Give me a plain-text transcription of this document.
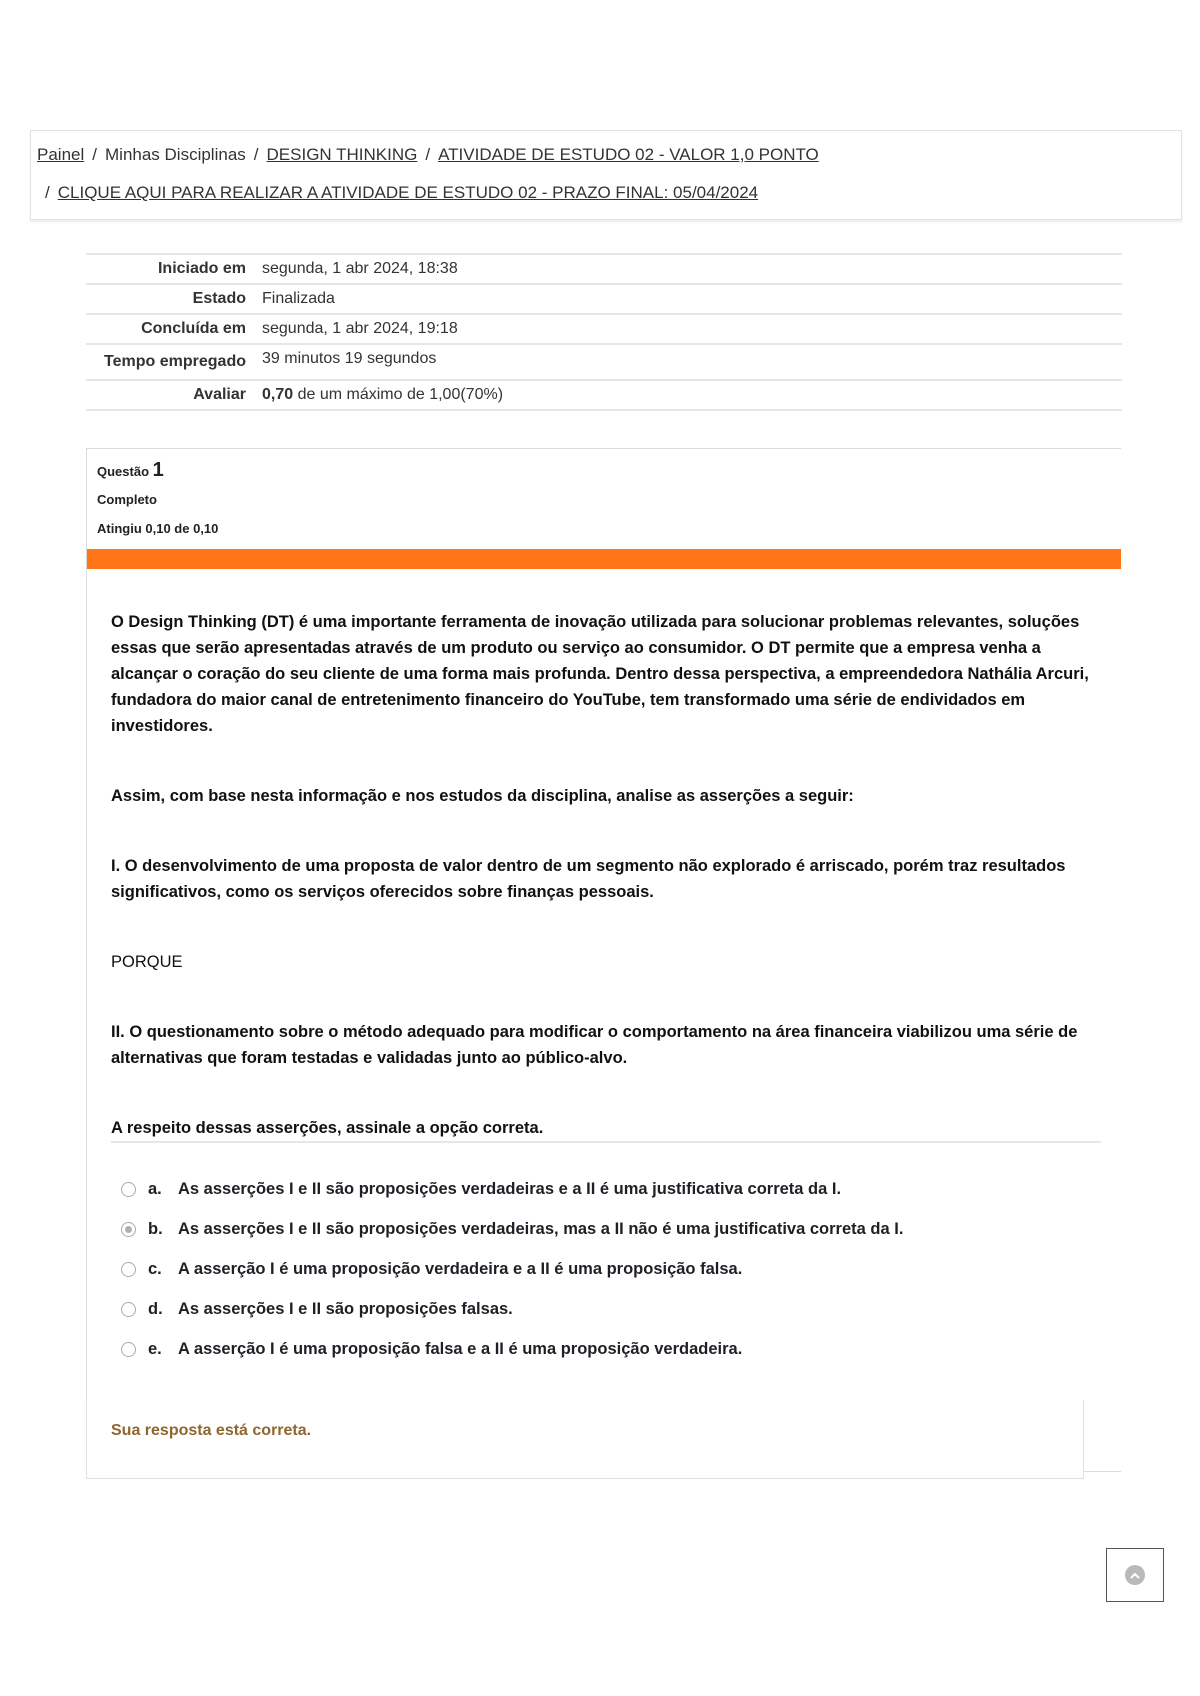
Painel / Minhas Disciplinas / DESIGN THINKING / ATIVIDADE DE ESTUDO 02 - VALOR 1,0 PONTO
/ CLIQUE AQUI PARA REALIZAR A ATIVIDADE DE ESTUDO 02 - PRAZO FINAL: 05/04/2024
Iniciado em	segunda, 1 abr 2024, 18:38
Estado	Finalizada
Concluída em	segunda, 1 abr 2024, 19:18
Tempo empregado	39 minutos 19 segundos
Avaliar	0,70 de um máximo de 1,00(70%)
Questão 1
Completo
Atingiu 0,10 de 0,10

O Design Thinking (DT) é uma importante ferramenta de inovação utilizada para solucionar problemas relevantes, soluções essas que serão apresentadas através de um produto ou serviço ao consumidor. O DT permite que a empresa venha a alcançar o coração do seu cliente de uma forma mais profunda. Dentro dessa perspectiva, a empreendedora Nathália Arcuri, fundadora do maior canal de entretenimento financeiro do YouTube, tem transformado uma série de endividados em investidores.

Assim, com base nesta informação e nos estudos da disciplina, analise as asserções a seguir:

I. O desenvolvimento de uma proposta de valor dentro de um segmento não explorado é arriscado, porém traz resultados significativos, como os serviços oferecidos sobre finanças pessoais.

PORQUE

II. O questionamento sobre o método adequado para modificar o comportamento na área financeira viabilizou uma série de alternativas que foram testadas e validadas junto ao público-alvo.

A respeito dessas asserções, assinale a opção correta.

a. As asserções I e II são proposições verdadeiras e a II é uma justificativa correta da I.
b. As asserções I e II são proposições verdadeiras, mas a II não é uma justificativa correta da I.
c. A asserção I é uma proposição verdadeira e a II é uma proposição falsa.
d. As asserções I e II são proposições falsas.
e. A asserção I é uma proposição falsa e a II é uma proposição verdadeira.
Sua resposta está correta.
